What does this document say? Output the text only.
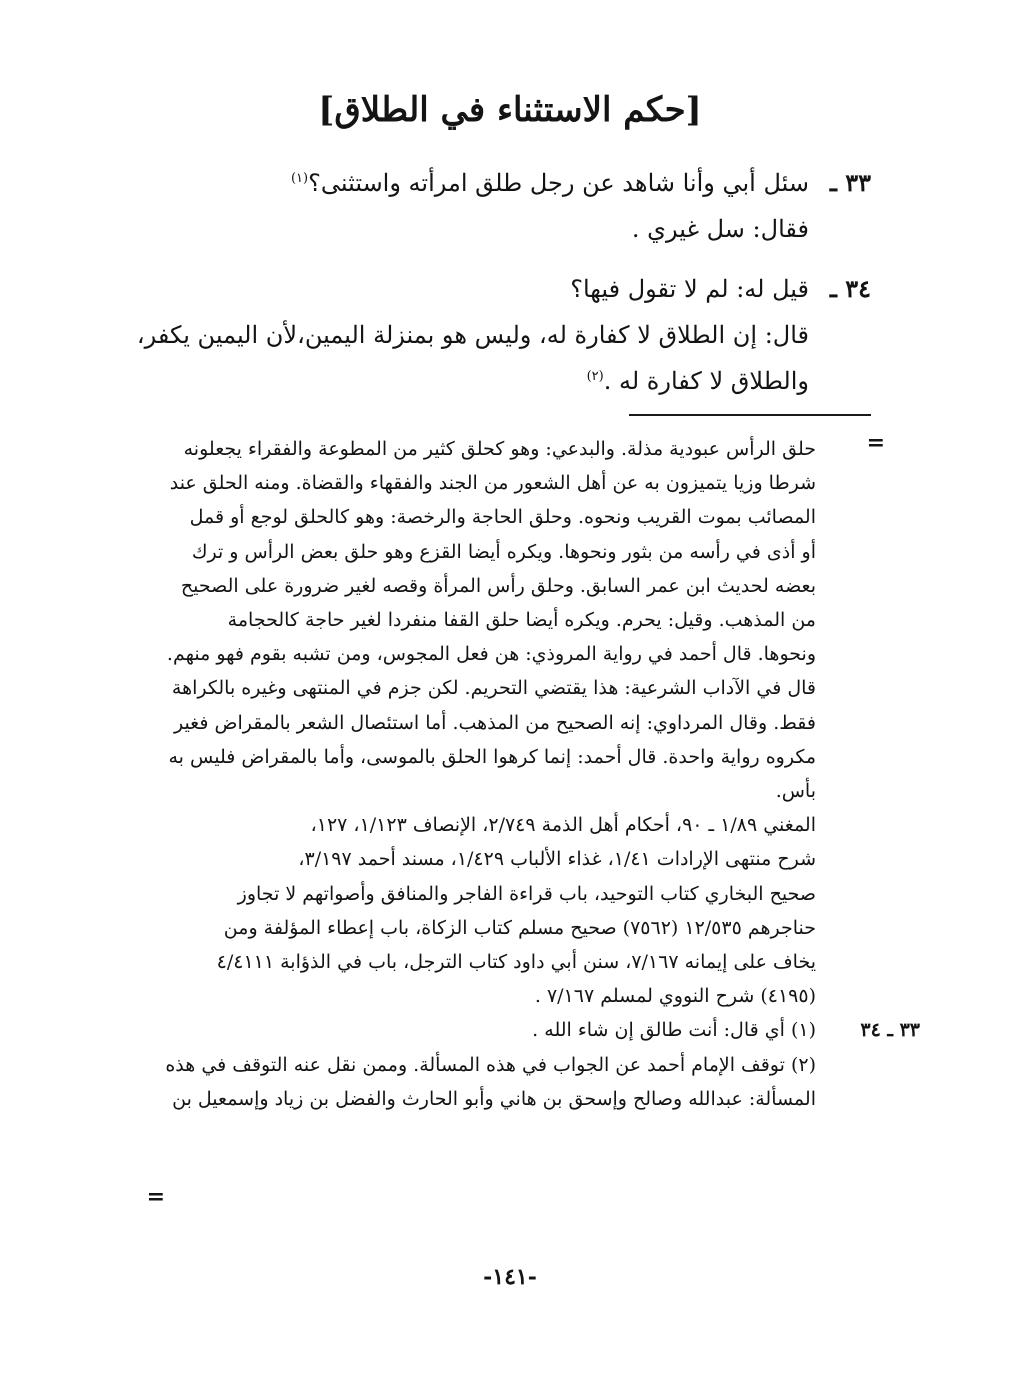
[حكم الاستثناء في الطلاق]
٣٣ ـسئل أبي وأنا شاهد عن رجل طلق امرأته واستثنى؟$^{(١)}$
فقال: سل غيري .
٣٤ ـقيل له: لم لا تقول فيها؟
قال: إن الطلاق لا كفارة له، وليس هو بمنزلة اليمين،لأن اليمين يكفر،
والطلاق لا كفارة له .$^{(٢)}$
=
حلق الرأس عبودية مذلة. والبدعي: وهو كحلق كثير من المطوعة والفقراء يجعلونه
شرطا وزيا يتميزون به عن أهل الشعور من الجند والفقهاء والقضاة. ومنه الحلق عند
المصائب بموت القريب ونحوه. وحلق الحاجة والرخصة: وهو كالحلق لوجع أو قمل
أو أذى في رأسه من بثور ونحوها. ويكره أيضا القزع وهو حلق بعض الرأس و ترك
بعضه لحديث ابن عمر السابق. وحلق رأس المرأة وقصه لغير ضرورة على الصحيح
من المذهب. وقيل: يحرم. ويكره أيضا حلق القفا منفردا لغير حاجة كالحجامة
ونحوها. قال أحمد في رواية المروذي: هن فعل المجوس، ومن تشبه بقوم فهو منهم.
قال في الآداب الشرعية: هذا يقتضي التحريم. لكن جزم في المنتهى وغيره بالكراهة
فقط. وقال المرداوي: إنه الصحيح من المذهب. أما استئصال الشعر بالمقراض فغير
مكروه رواية واحدة. قال أحمد: إنما كرهوا الحلق بالموسى، وأما بالمقراض فليس به
بأس.
المغني ١/٨٩ ـ ٩٠، أحكام أهل الذمة ٢/٧٤٩، الإنصاف ١/١٢٣، ١٢٧،
شرح منتهى الإرادات ١/٤١، غذاء الألباب ١/٤٢٩، مسند أحمد ٣/١٩٧،
صحيح البخاري كتاب التوحيد، باب قراءة الفاجر والمنافق وأصواتهم لا تجاوز
حناجرهم ١٢/٥٣٥ (٧٥٦٢) صحيح مسلم كتاب الزكاة، باب إعطاء المؤلفة ومن
يخاف على إيمانه ٧/١٦٧، سنن أبي داود كتاب الترجل، باب في الذؤابة ٤/٤١١١
(٤١٩٥) شرح النووي لمسلم ٧/١٦٧ .
٣٣ ـ ٣٤(١) أي قال: أنت طالق إن شاء الله .
(٢) توقف الإمام أحمد عن الجواب في هذه المسألة. وممن نقل عنه التوقف في هذه
المسألة: عبدالله وصالح وإسحق بن هاني وأبو الحارث والفضل بن زياد وإسمعيل بن
=
-١٤١-
